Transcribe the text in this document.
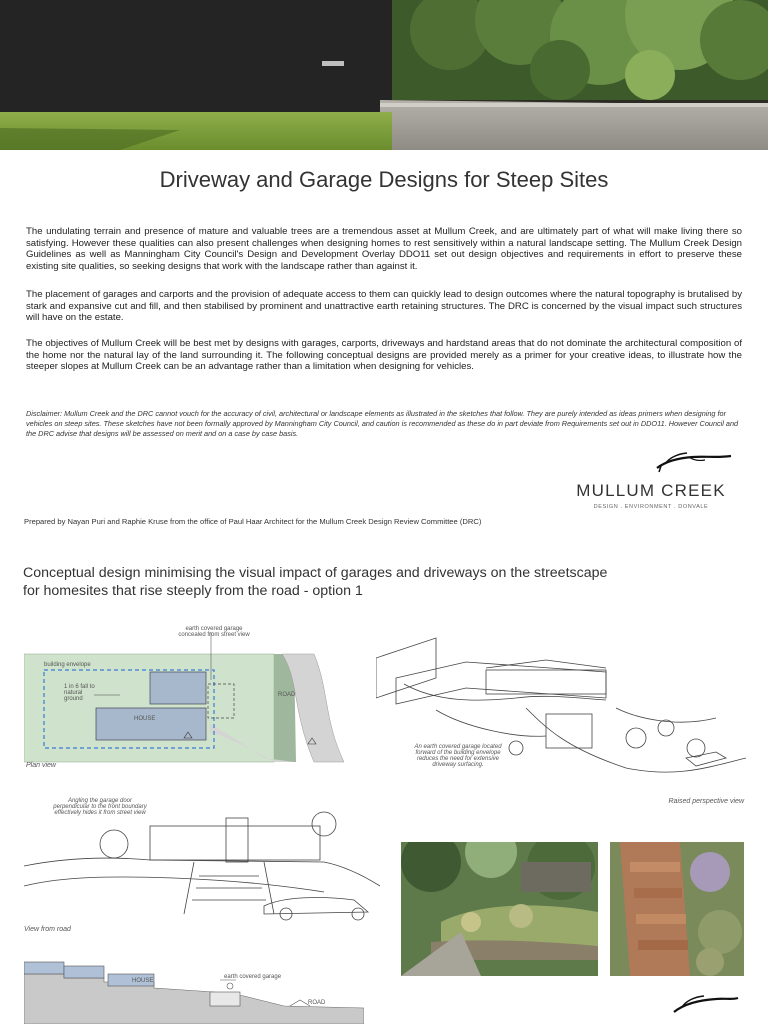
Driveway and Garage Designs for Steep Sites

The undulating terrain and presence of mature and valuable trees are a tremendous asset at Mullum Creek, and are ultimately part of what will make living there so satisfying. However these qualities can also present challenges when designing homes to rest sensitively within a natural landscape setting. The Mullum Creek Design Guidelines as well as Manningham City Council's Design and Development Overlay DDO11 set out design objectives and requirements in effort to preserve these existing site qualities, so seeking designs that work with the landscape rather than against it.

The placement of garages and carports and the provision of adequate access to them can quickly lead to design outcomes where the natural topography is brutalised by stark and expansive cut and fill, and then stabilised by prominent and unattractive earth retaining structures. The DRC is concerned by the visual impact such structures will have on the estate.

The objectives of Mullum Creek will be best met by designs with garages, carports, driveways and hardstand areas that do not dominate the architectural composition of the home nor the natural lay of the land surrounding it. The following conceptual designs are provided merely as a primer for your creative ideas, to illustrate how the steeper slopes at Mullum Creek can be an advantage rather than a limitation when designing for vehicles.

Disclaimer: Mullum Creek and the DRC cannot vouch for the accuracy of civil, architectural or landscape elements as illustrated in the sketches that follow. They are purely intended as ideas primers when designing for vehicles on steep sites. These sketches have not been formally approved by Manningham City Council, and caution is recommended as these do in part deviate from Requirements set out in DDO11. However Council and the DRC advise that designs will be assessed on merit and on a case by case basis.

MULLUM CREEK
DESIGN . ENVIRONMENT . DONVALE
Prepared by Nayan Puri and Raphie Kruse from the office of Paul Haar Architect for the Mullum Creek Design Review Committee (DRC)
Conceptual design minimising the visual impact of garages and driveways on the streetscape
for homesites that rise steeply from the road - option 1
earth covered garage concealed from street view
building envelope
1 in 6 fall to natural ground
HOUSE
ROAD
Plan view
An earth covered garage located forward of the building envelope reduces the need for extensive driveway surfacing.
Raised perspective view
Angling the garage door perpendicular to the front boundary effectively hides it from street view
View from road
earth covered garage
HOUSE
ROAD
